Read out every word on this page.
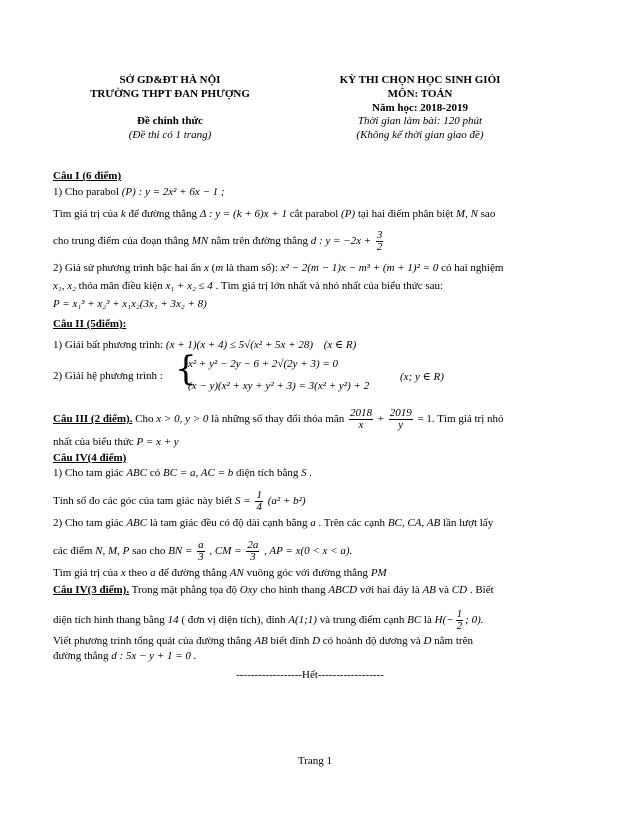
SỞ GD&ĐT HÀ NỘI
TRƯỜNG THPT ĐAN PHƯỢNG
Đề chính thức
(Đề thi có 1 trang)
KỲ THI CHỌN HỌC SINH GIỎI
MÔN: TOÁN
Năm học: 2018-2019
Thời gian làm bài: 120 phút
(Không kể thời gian giao đề)
Câu I (6 điểm)
1) Cho parabol (P) : y = 2x² + 6x − 1 ;
Tìm giá trị của k để đường thẳng Δ : y = (k + 6)x + 1 cắt parabol (P) tại hai điểm phân biệt M, N sao
cho trung điểm của đoạn thẳng MN nằm trên đường thẳng d : $y = -2x + \frac{3}{2}$
2) Giả sử phương trình bậc hai ẩn x (m là tham số): x² − 2(m − 1)x − m³ + (m + 1)² = 0 có hai nghiệm
x₁, x₂ thỏa mãn điều kiện x₁ + x₂ ≤ 4 . Tìm giá trị lớn nhất và nhỏ nhất của biểu thức sau:
P = x₁³ + x₂³ + x₁x₂(3x₁ + 3x₂ + 8)
Câu II (5điểm):
1) Giải bất phương trình: (x + 1)(x + 4) ≤ 5√(x² + 5x + 28) (x ∈ R)
2) Giải hệ phương trình : {
x² + y² − 2y − 6 + 2√(2y + 3) = 0
(x − y)(x² + xy + y² + 3) = 3(x² + y²) + 2
(x; y ∈ R)
Câu III (2 điểm). Cho x > 0, y > 0 là những số thay đổi thỏa mãn $\frac{2018}{x} + \frac{2019}{y} = 1$. Tìm giá trị nhỏ
nhất của biểu thức P = x + y
Câu IV(4 điểm)
1) Cho tam giác ABC có BC = a, AC = b diện tích bằng S .
Tính số đo các góc của tam giác này biết $S = \frac{1}{4} (a^2 + b^2)$
2) Cho tam giác ABC là tam giác đều có độ dài cạnh bằng a . Trên các cạnh BC, CA, AB lần lượt lấy
các điểm N, M, P sao cho BN = $\frac{a}{3}$ , CM = $\frac{2a}{3}$ , AP = x(0 < x < a).
Tìm giá trị của x theo a để đường thẳng AN vuông góc với đường thẳng PM
Câu IV(3 điểm). Trong mặt phẳng tọa độ Oxy cho hình thang ABCD với hai đáy là AB và CD . Biết
diện tích hình thang bằng 14 ( đơn vị diện tích), đỉnh A(1;1) và trung điểm cạnh BC là $H(- \frac{1}{2}$ ; 0).
Viết phương trình tổng quát của đường thẳng AB biết đỉnh D có hoành độ dương và D nằm trên
đường thẳng d : 5x − y + 1 = 0 .
------------------Hết------------------
Trang 1
